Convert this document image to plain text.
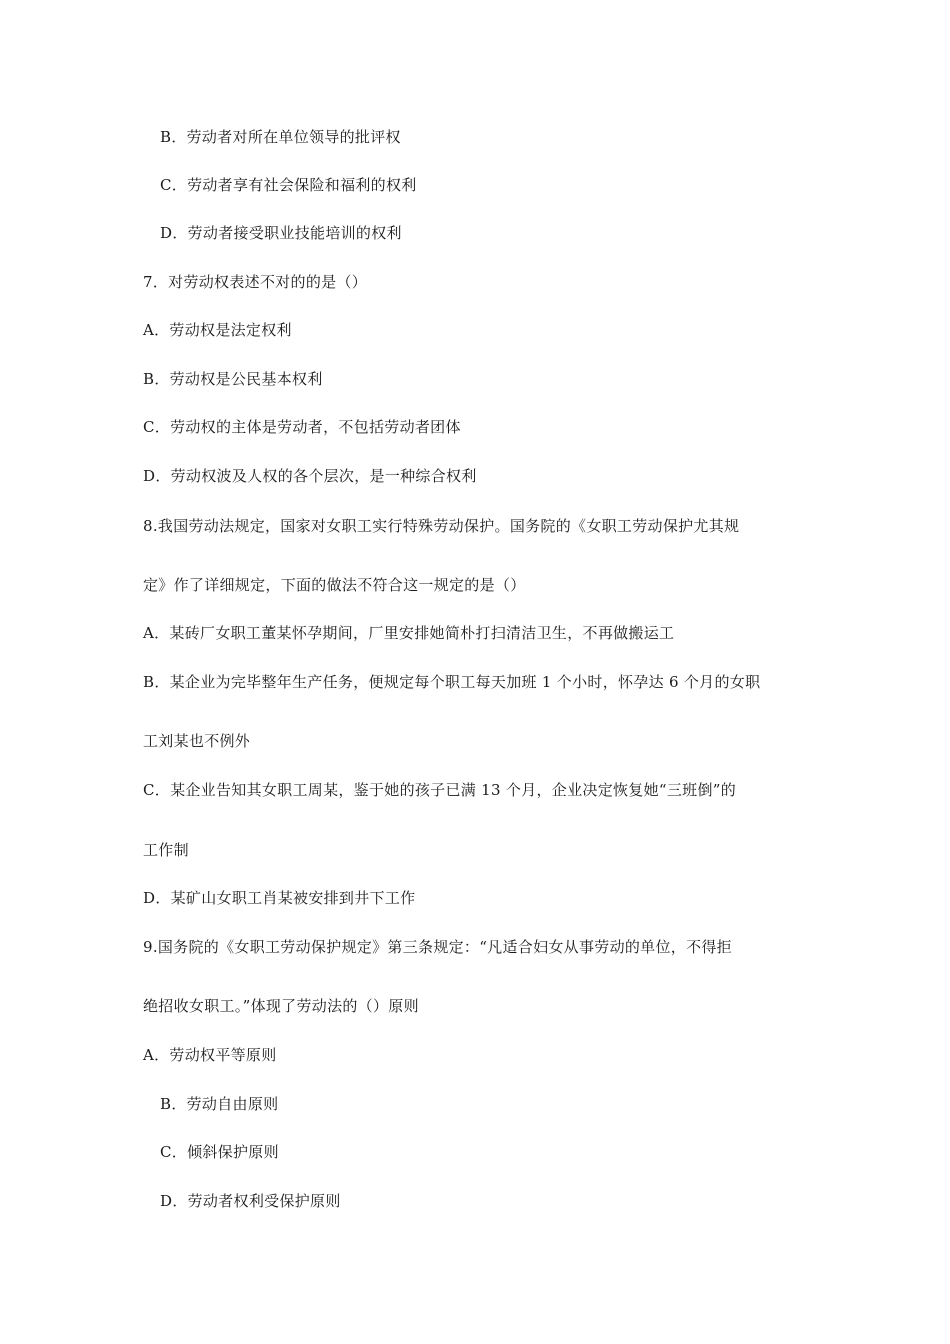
B．劳动者对所在单位领导的批评权
C．劳动者享有社会保险和福利的权利
D．劳动者接受职业技能培训的权利
7．对劳动权表述不对的的是（）
A．劳动权是法定权利
B．劳动权是公民基本权利
C．劳动权的主体是劳动者，不包括劳动者团体
D．劳动权波及人权的各个层次，是一种综合权利
8.我国劳动法规定，国家对女职工实行特殊劳动保护。国务院的《女职工劳动保护尤其规
定》作了详细规定，下面的做法不符合这一规定的是（）
A．某砖厂女职工董某怀孕期间，厂里安排她简朴打扫清洁卫生，不再做搬运工
B．某企业为完毕整年生产任务，便规定每个职工每天加班 1 个小时，怀孕达 6 个月的女职
工刘某也不例外
C．某企业告知其女职工周某，鉴于她的孩子已满 13 个月，企业决定恢复她“三班倒”的
工作制
D．某矿山女职工肖某被安排到井下工作
9.国务院的《女职工劳动保护规定》第三条规定：“凡适合妇女从事劳动的单位，不得拒
绝招收女职工。”体现了劳动法的（）原则
A．劳动权平等原则
B．劳动自由原则
C．倾斜保护原则
D．劳动者权利受保护原则
